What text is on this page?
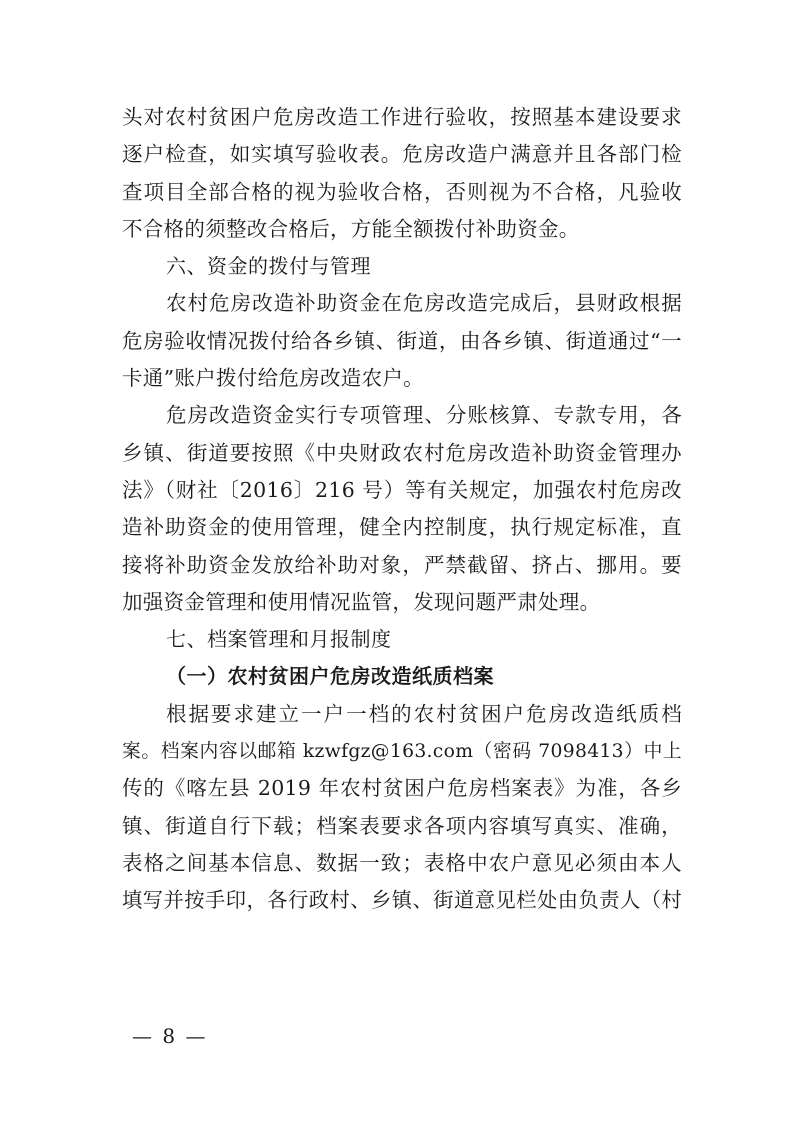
头对农村贫困户危房改造工作进行验收，按照基本建设要求
逐户检查，如实填写验收表。危房改造户满意并且各部门检
查项目全部合格的视为验收合格，否则视为不合格，凡验收
不合格的须整改合格后，方能全额拨付补助资金。
六、资金的拨付与管理
农村危房改造补助资金在危房改造完成后，县财政根据
危房验收情况拨付给各乡镇、街道，由各乡镇、街道通过“一
卡通”账户拨付给危房改造农户。
危房改造资金实行专项管理、分账核算、专款专用，各
乡镇、街道要按照《中央财政农村危房改造补助资金管理办
法》（财社〔2016〕216 号）等有关规定，加强农村危房改
造补助资金的使用管理，健全内控制度，执行规定标准，直
接将补助资金发放给补助对象，严禁截留、挤占、挪用。要
加强资金管理和使用情况监管，发现问题严肃处理。
七、档案管理和月报制度
（一）农村贫困户危房改造纸质档案
根据要求建立一户一档的农村贫困户危房改造纸质档
案。档案内容以邮箱 kzwfgz@163.com（密码 7098413）中上
传的《喀左县 2019 年农村贫困户危房档案表》为准，各乡
镇、街道自行下载；档案表要求各项内容填写真实、准确，
表格之间基本信息、数据一致；表格中农户意见必须由本人
填写并按手印，各行政村、乡镇、街道意见栏处由负责人（村
— 8 —
